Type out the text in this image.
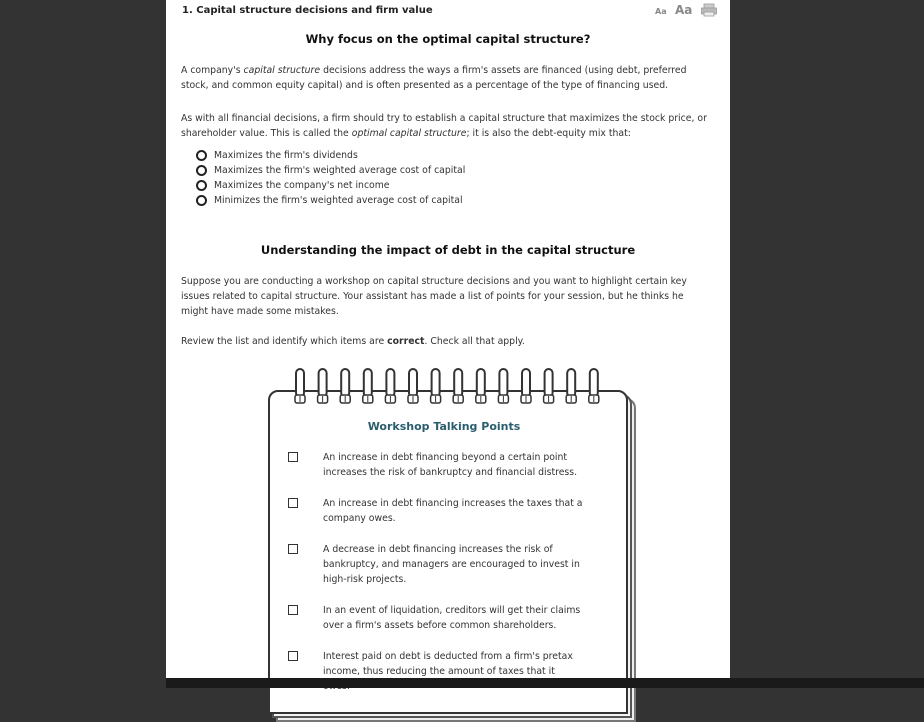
1. Capital structure decisions and firm value	Aa Aa
Why focus on the optimal capital structure?
A company's capital structure decisions address the ways a firm's assets are financed (using debt, preferred stock, and common equity capital) and is often presented as a percentage of the type of financing used.
As with all financial decisions, a firm should try to establish a capital structure that maximizes the stock price, or shareholder value. This is called the optimal capital structure; it is also the debt-equity mix that:
Maximizes the firm's dividends
Maximizes the firm's weighted average cost of capital
Maximizes the company's net income
Minimizes the firm's weighted average cost of capital
Understanding the impact of debt in the capital structure
Suppose you are conducting a workshop on capital structure decisions and you want to highlight certain key issues related to capital structure. Your assistant has made a list of points for your session, but he thinks he might have made some mistakes.
Review the list and identify which items are correct. Check all that apply.
Workshop Talking Points
An increase in debt financing beyond a certain point increases the risk of bankruptcy and financial distress.
An increase in debt financing increases the taxes that a company owes.
A decrease in debt financing increases the risk of bankruptcy, and managers are encouraged to invest in high-risk projects.
In an event of liquidation, creditors will get their claims over a firm's assets before common shareholders.
Interest paid on debt is deducted from a firm's pretax income, thus reducing the amount of taxes that it
